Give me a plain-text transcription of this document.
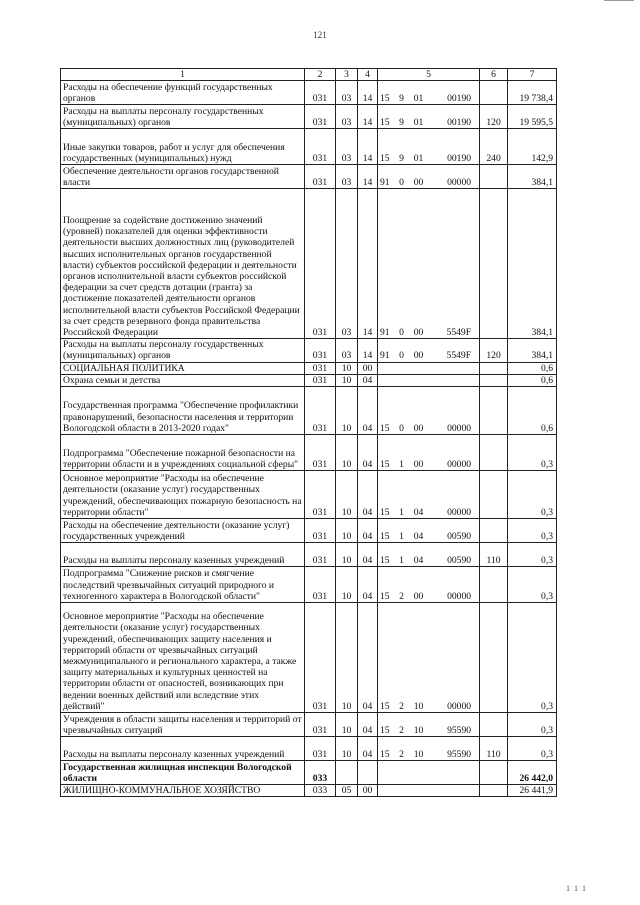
121
1	2	3	4	5				6	7
Расходы на обеспечение функций государственных органов	031	03	14	15	9	01	00190		19 738,4
Расходы на выплаты персоналу государственных (муниципальных) органов	031	03	14	15	9	01	00190	120	19 595,5
Иные закупки товаров, работ и услуг для обеспечения государственных (муниципальных) нужд	031	03	14	15	9	01	00190	240	142,9
Обеспечение деятельности органов государственной власти	031	03	14	91	0	00	00000		384,1
Поощрение за содействие достижению значений (уровней) показателей для оценки эффективности деятельности высших должностных лиц (руководителей высших исполнительных органов государственной власти) субъектов российской федерации и деятельности органов исполнительной власти субъектов российской федерации за счет средств дотации (гранта) за достижение показателей деятельности органов исполнительной власти субъектов Российской Федерации за счет средств резервного фонда правительства Российской Федерации	031	03	14	91	0	00	5549F		384,1
Расходы на выплаты персоналу государственных (муниципальных) органов	031	03	14	91	0	00	5549F	120	384,1
СОЦИАЛЬНАЯ ПОЛИТИКА	031	10	00						0,6
Охрана семьи и детства	031	10	04						0,6
Государственная программа "Обеспечение профилактики правонарушений, безопасности населения и территории Вологодской области в 2013-2020 годах"	031	10	04	15	0	00	00000		0,6
Подпрограмма "Обеспечение пожарной безопасности на территории области и в учреждениях социальной сферы"	031	10	04	15	1	00	00000		0,3
Основное мероприятие "Расходы на обеспечение деятельности (оказание услуг) государственных учреждений, обеспечивающих пожарную безопасность на территории области"	031	10	04	15	1	04	00000		0,3
Расходы на обеспечение деятельности (оказание услуг) государственных учреждений	031	10	04	15	1	04	00590		0,3
Расходы на выплаты персоналу казенных учреждений	031	10	04	15	1	04	00590	110	0,3
Подпрограмма "Снижение рисков и смягчение последствий чрезвычайных ситуаций природного и техногенного характера в Вологодской области"	031	10	04	15	2	00	00000		0,3
Основное мероприятие "Расходы на обеспечение деятельности (оказание услуг) государственных учреждений, обеспечивающих защиту населения и территорий области от чрезвычайных ситуаций межмуниципального и регионального характера, а также защиту материальных и культурных ценностей на территории области от опасностей, возникающих при ведении военных действий или вследствие этих действий"	031	10	04	15	2	10	00000		0,3
Учреждения в области защиты населения и территорий от чрезвычайных ситуаций	031	10	04	15	2	10	95590		0,3
Расходы на выплаты персоналу казенных учреждений	031	10	04	15	2	10	95590	110	0,3
Государственная жилищная инспекция Вологодской области	033								26 442,0
ЖИЛИЩНО-КОММУНАЛЬНОЕ ХОЗЯЙСТВО	033	05	00						26 441,9
1 1 1
